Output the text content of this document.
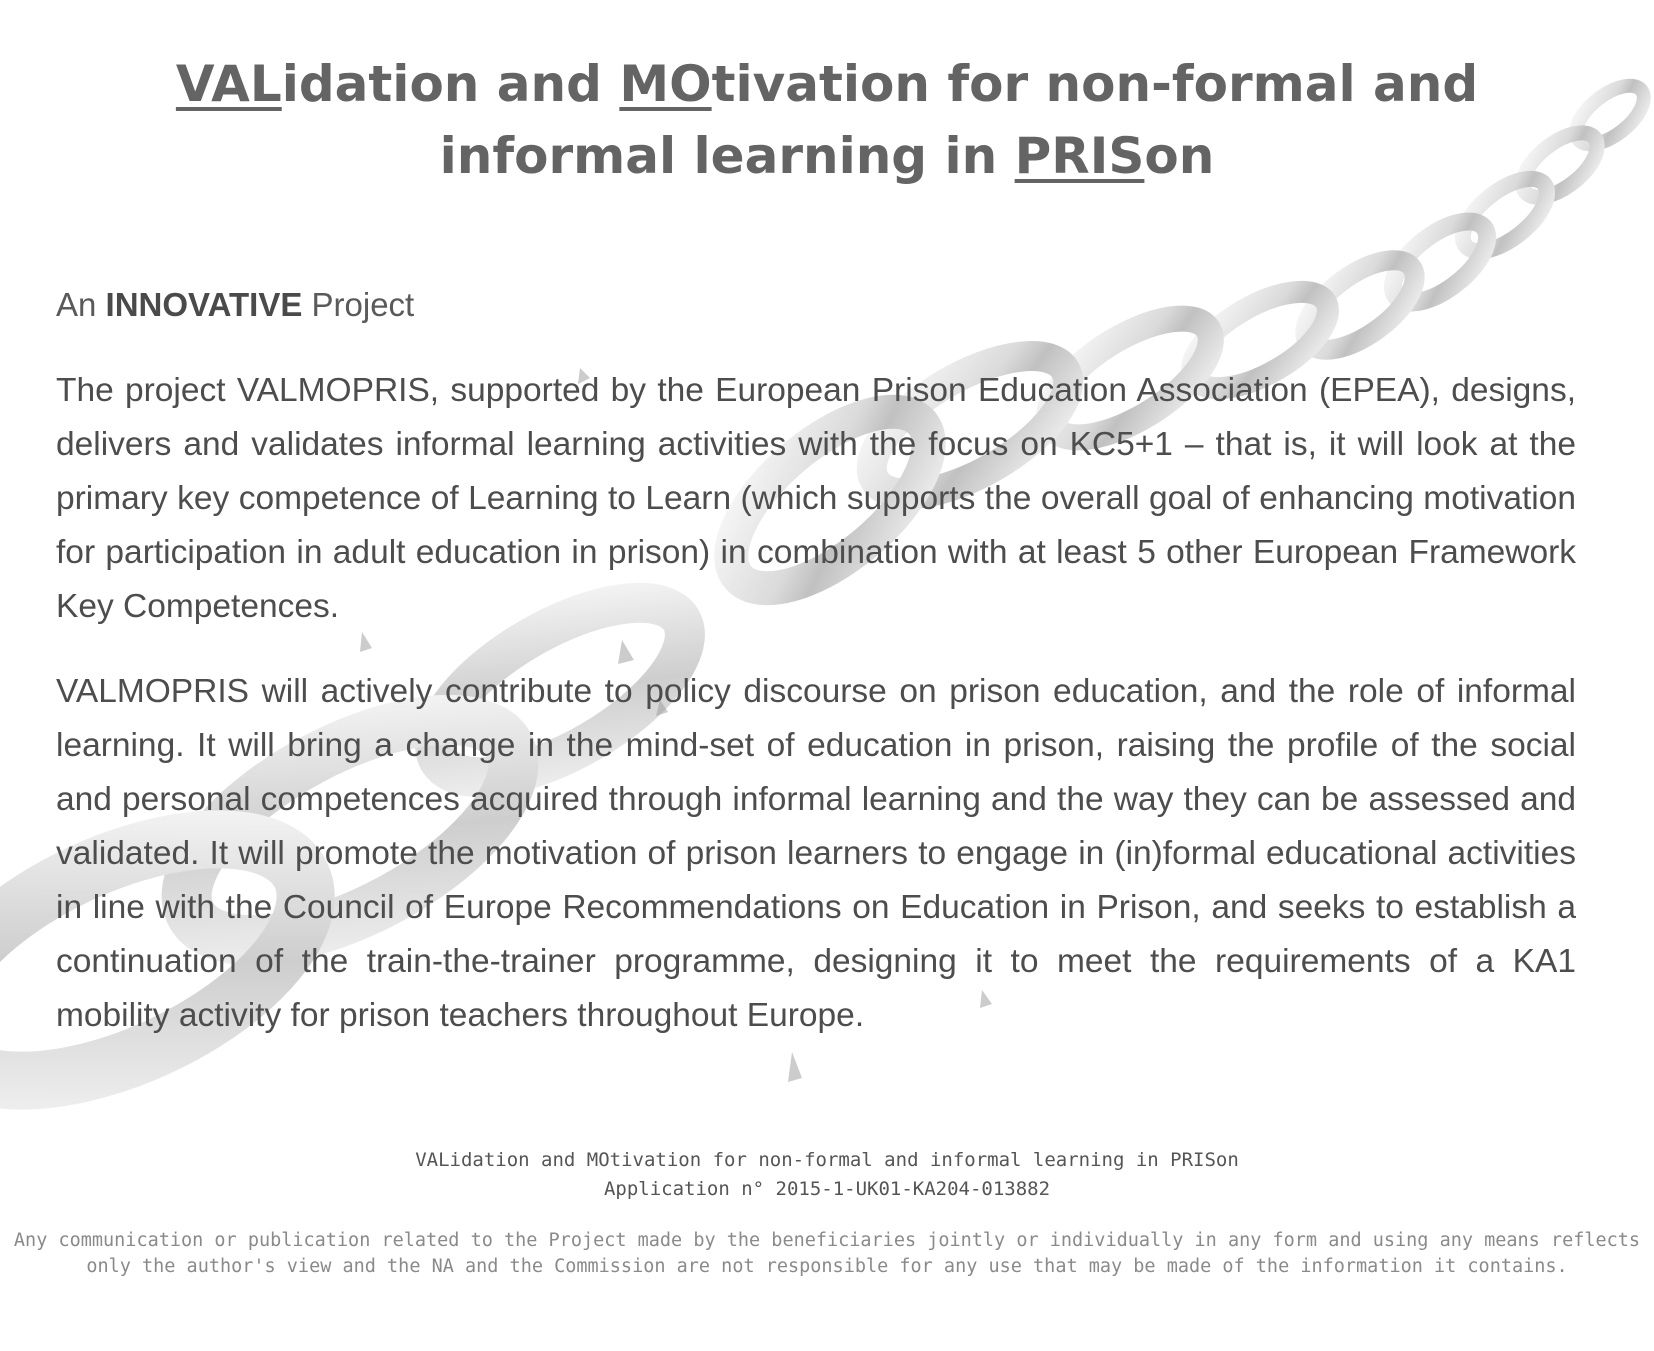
VALidation and MOtivation for non-formal and informal learning in PRISon

An INNOVATIVE Project

The project VALMOPRIS, supported by the European Prison Education Association (EPEA), designs, delivers and validates informal learning activities with the focus on KC5+1 – that is, it will look at the primary key competence of Learning to Learn (which supports the overall goal of enhancing motivation for participation in adult education in prison) in combination with at least 5 other European Framework Key Competences.

VALMOPRIS will actively contribute to policy discourse on prison education, and the role of informal learning. It will bring a change in the mind-set of education in prison, raising the profile of the social and personal competences acquired through informal learning and the way they can be assessed and validated. It will promote the motivation of prison learners to engage in (in)formal educational activities in line with the Council of Europe Recommendations on Education in Prison, and seeks to establish a continuation of the train-the-trainer programme, designing it to meet the requirements of a KA1 mobility activity for prison teachers throughout Europe.

VALidation and MOtivation for non-formal and informal learning in PRISon

Application n° 2015-1-UK01-KA204-013882

Any communication or publication related to the Project made by the beneficiaries jointly or individually in any form and using any means reflects

only the author's view and the NA and the Commission are not responsible for any use that may be made of the information it contains.
